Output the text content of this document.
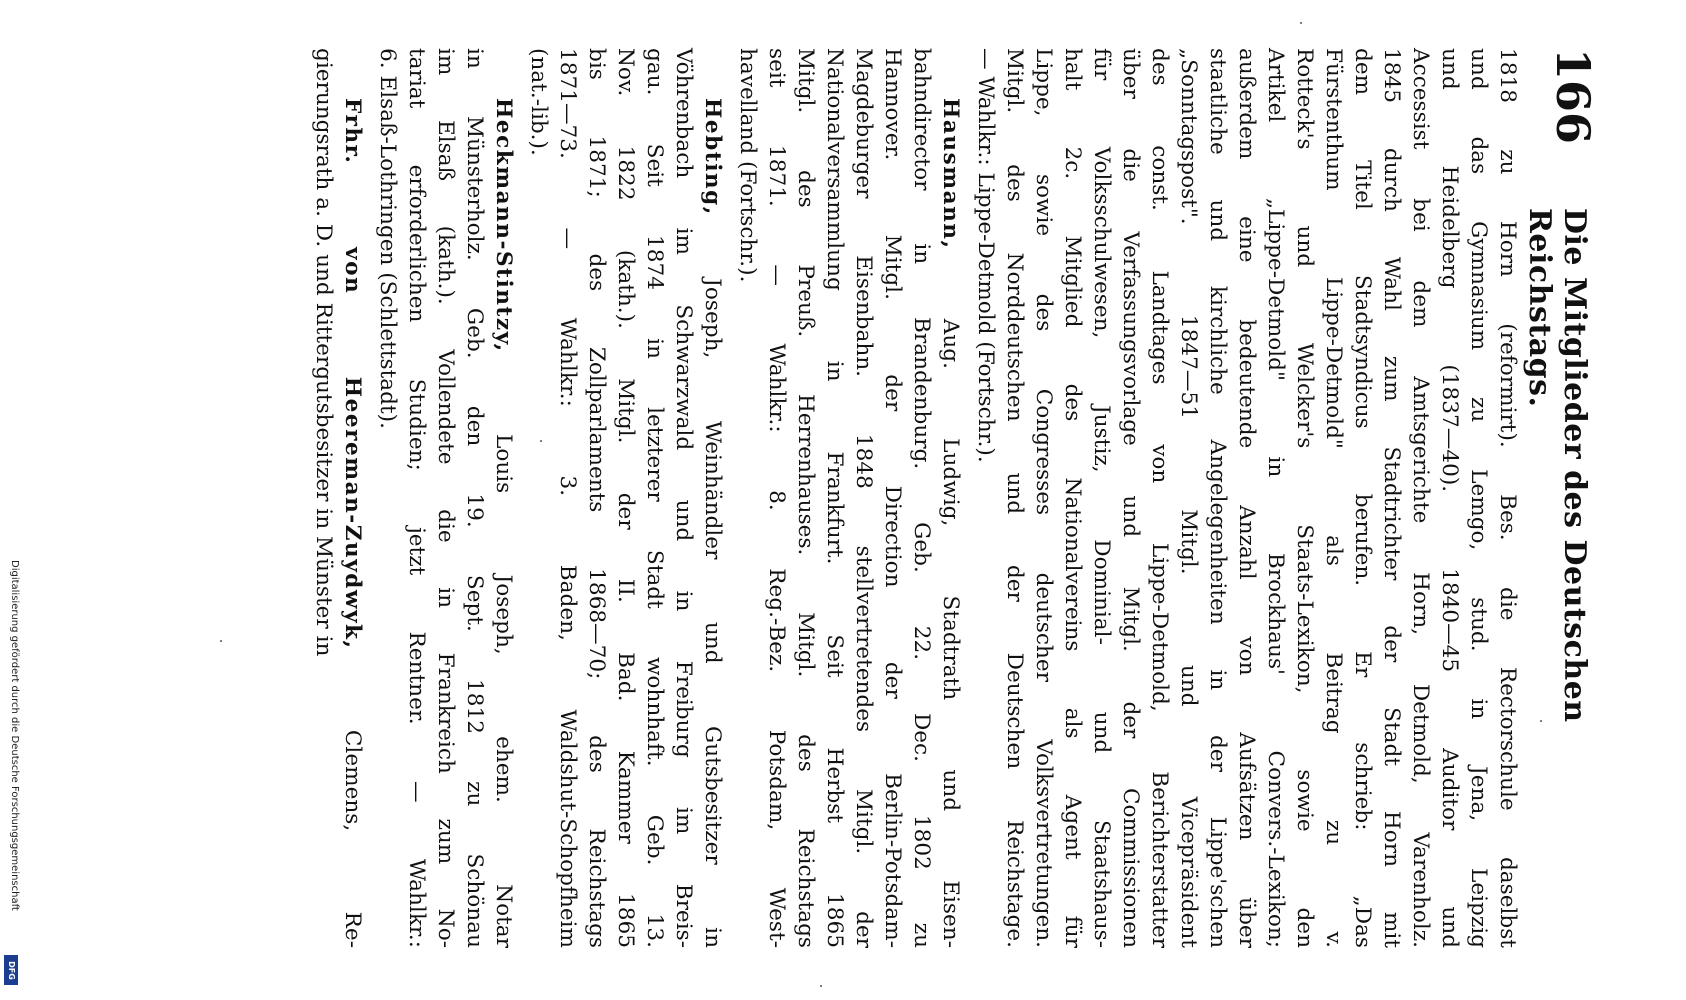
166
Die Mitglieder des Deutschen Reichstags.
1818 zu Horn (reformirt). Bes. die Rectorschule daselbst
und das Gymnasium zu Lemgo, stud. in Jena, Leipzig
und Heidelberg (1837—40). 1840—45 Auditor und
Accessist bei dem Amtsgerichte Horn, Detmold, Varenholz.
1845 durch Wahl zum Stadtrichter der Stadt Horn mit
dem Titel Stadtsyndicus berufen. Er schrieb: „Das
Fürstenthum Lippe-Detmold" als Beitrag zu v.
Rotteck's und Welcker's Staats-Lexikon, sowie den
Artikel „Lippe-Detmold" in Brockhaus' Convers.-Lexikon;
außerdem eine bedeutende Anzahl von Aufsätzen über
staatliche und kirchliche Angelegenheiten in der Lippe'schen
„Sonntagspost". 1847—51 Mitgl. und Vicepräsident
des const. Landtages von Lippe-Detmold, Berichterstatter
über die Verfassungsvorlage und Mitgl. der Commissionen
für Volksschulwesen, Justiz, Dominial- und Staatshaus-
halt 2c. Mitglied des Nationalvereins als Agent für
Lippe, sowie des Congresses deutscher Volksvertretungen.
Mitgl. des Norddeutschen und der Deutschen Reichstage.
— Wahlkr.: Lippe-Detmold (Fortschr.).
Hausmann, Aug. Ludwig, Stadtrath und Eisen-
bahndirector in Brandenburg. Geb. 22. Dec. 1802 zu
Hannover. Mitgl. der Direction der Berlin-Potsdam-
Magdeburger Eisenbahn. 1848 stellvertretendes Mitgl. der
Nationalversammlung in Frankfurt. Seit Herbst 1865
Mitgl. des Preuß. Herrenhauses. Mitgl. des Reichstags
seit 1871. — Wahlkr.: 8. Reg.-Bez. Potsdam, West-
havelland (Fortschr.).
Hebting, Joseph, Weinhändler und Gutsbesitzer in
Vöhrenbach im Schwarzwald und in Freiburg im Breis-
gau. Seit 1874 in letzterer Stadt wohnhaft. Geb. 13.
Nov. 1822 (kath.). Mitgl. der II. Bad. Kammer 1865
bis 1871; des Zollparlaments 1868—70; des Reichstags
1871—73. — Wahlkr.: 3. Baden, Waldshut-Schopfheim
(nat.-lib.).
Heckmann-Stintzy, Louis Joseph, ehem. Notar
in Münsterholz. Geb. den 19. Sept. 1812 zu Schönau
im Elsaß (kath.). Vollendete die in Frankreich zum No-
tariat erforderlichen Studien; jetzt Rentner. — Wahlkr.:
6. Elsaß-Lothringen (Schlettstadt).
Frhr. von Heereman-Zuydwyk, Clemens, Re-
gierungsrath a. D. und Rittergutsbesitzer in Münster in
Digitalisierung gefördert durch die Deutsche Forschungsgemeinschaft
DFG
